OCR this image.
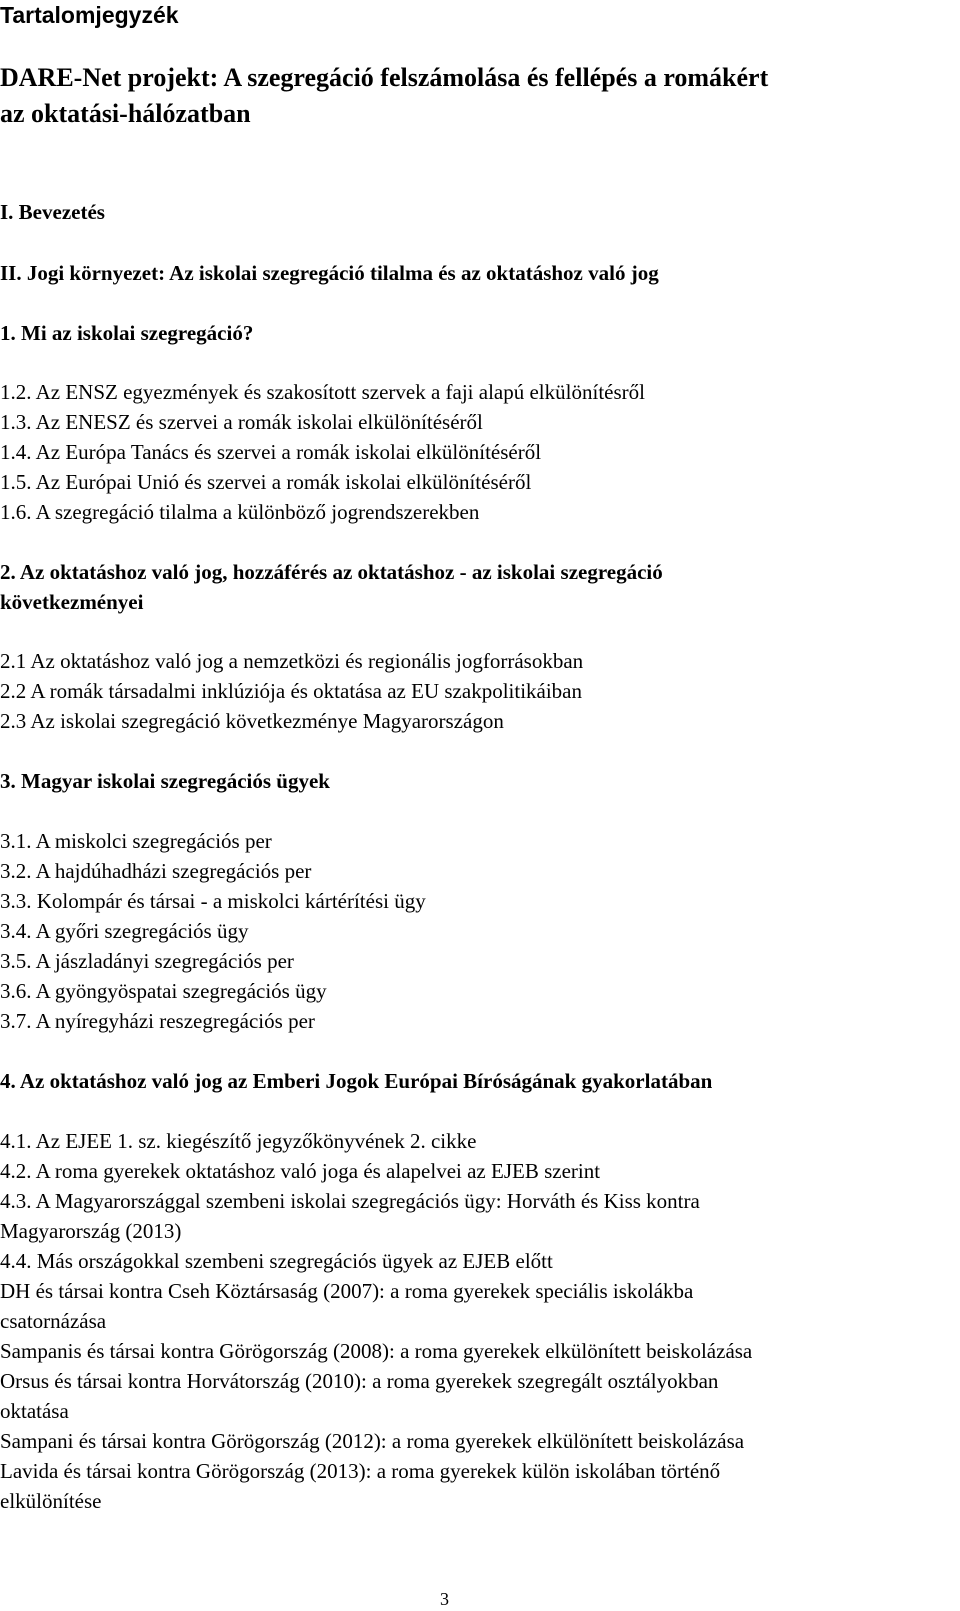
Tartalomjegyzék

DARE-Net projekt: A szegregáció felszámolása és fellépés a romákért

az oktatási-hálózatban

I. Bevezetés

II. Jogi környezet: Az iskolai szegregáció tilalma és az oktatáshoz való jog

1. Mi az iskolai szegregáció?

1.2. Az ENSZ egyezmények és szakosított szervek a faji alapú elkülönítésről

1.3. Az ENESZ és szervei a romák iskolai elkülönítéséről

1.4. Az Európa Tanács és szervei a romák iskolai elkülönítéséről

1.5. Az Európai Unió és szervei a romák iskolai elkülönítéséről

1.6. A szegregáció tilalma a különböző jogrendszerekben

2. Az oktatáshoz való jog, hozzáférés az oktatáshoz - az iskolai szegregáció

következményei

2.1 Az oktatáshoz való jog a nemzetközi és regionális jogforrásokban

2.2 A romák társadalmi inklúziója és oktatása az EU szakpolitikáiban

2.3 Az iskolai szegregáció következménye Magyarországon

3. Magyar iskolai szegregációs ügyek

3.1. A miskolci szegregációs per

3.2. A hajdúhadházi szegregációs per

3.3. Kolompár és társai - a miskolci kártérítési ügy

3.4. A győri szegregációs ügy

3.5. A jászladányi szegregációs per

3.6. A gyöngyöspatai szegregációs ügy

3.7. A nyíregyházi reszegregációs per

4. Az oktatáshoz való jog az Emberi Jogok Európai Bíróságának gyakorlatában

4.1. Az EJEE 1. sz. kiegészítő jegyzőkönyvének 2. cikke

4.2. A roma gyerekek oktatáshoz való joga és alapelvei az EJEB szerint

4.3. A Magyarországgal szembeni iskolai szegregációs ügy: Horváth és Kiss kontra

Magyarország (2013)

4.4. Más országokkal szembeni szegregációs ügyek az EJEB előtt

DH és társai kontra Cseh Köztársaság (2007): a roma gyerekek speciális iskolákba

csatornázása

Sampanis és társai kontra Görögország (2008): a roma gyerekek elkülönített beiskolázása

Orsus és társai kontra Horvátország (2010): a roma gyerekek szegregált osztályokban

oktatása

Sampani és társai kontra Görögország (2012): a roma gyerekek elkülönített beiskolázása

Lavida és társai kontra Görögország (2013): a roma gyerekek külön iskolában történő

elkülönítése

3
